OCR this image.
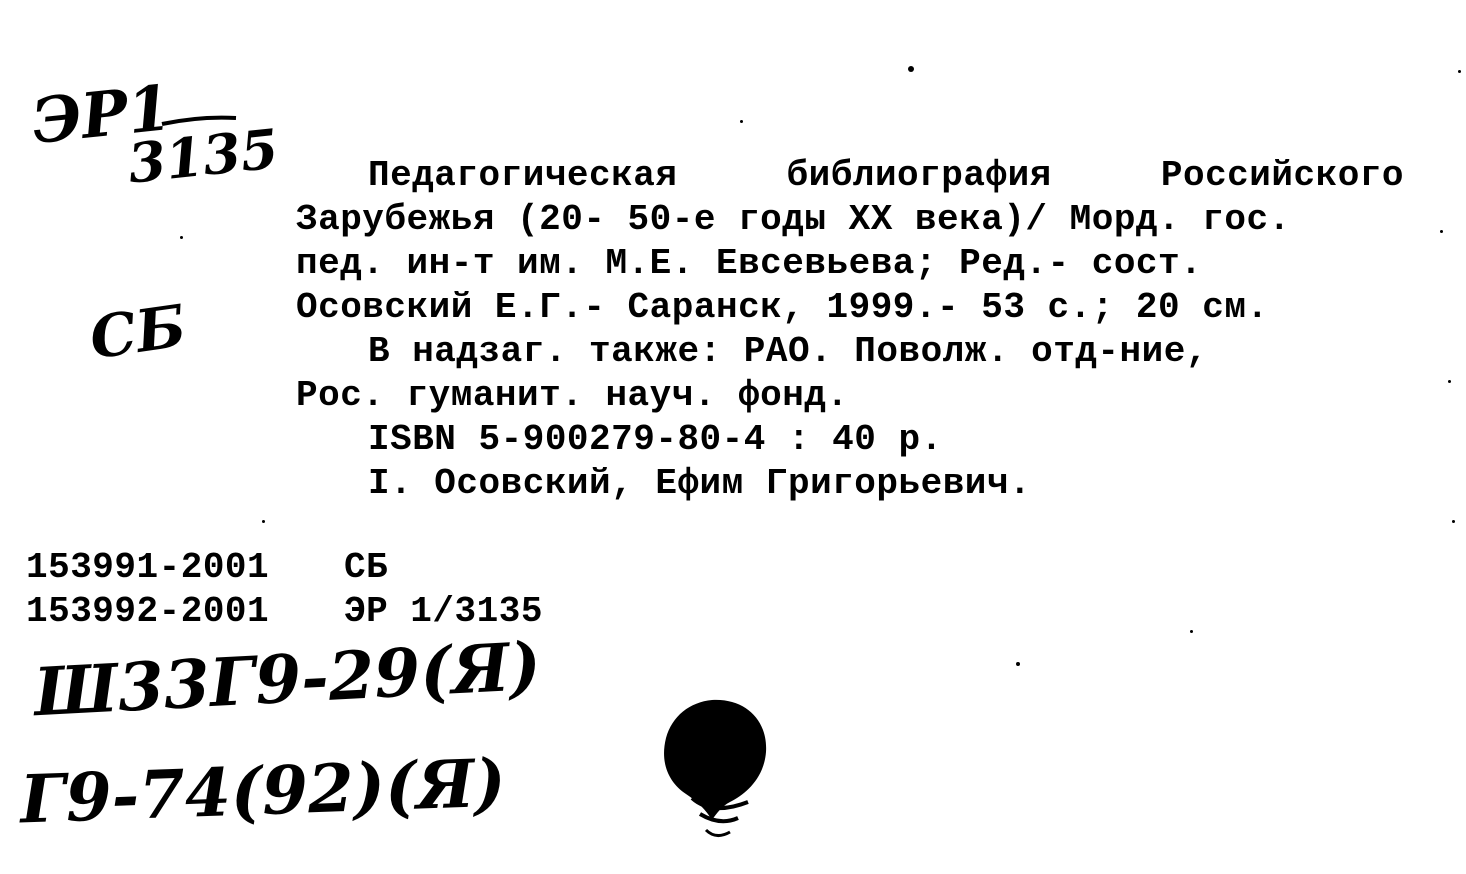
ЭР1
3135
СБ
Педагогическая	библиография	Российского
Зарубежья (20- 50-е годы XX века)/ Морд. гос.
пед. ин-т им. М.Е. Евсевьева; Ред.- сост.
Осовский Е.Г.- Саранск, 1999.- 53 с.; 20 см.
В надзаг. также: РАО. Поволж. отд-ние,
Рос. гуманит. науч. фонд.
ISBN 5-900279-80-4 : 40 р.
I. Осовский, Ефим Григорьевич.
153991-2001 СБ
153992-2001 ЭР 1/3135
Ш33Г9-29(Я)
Г9-74(92)(Я)
